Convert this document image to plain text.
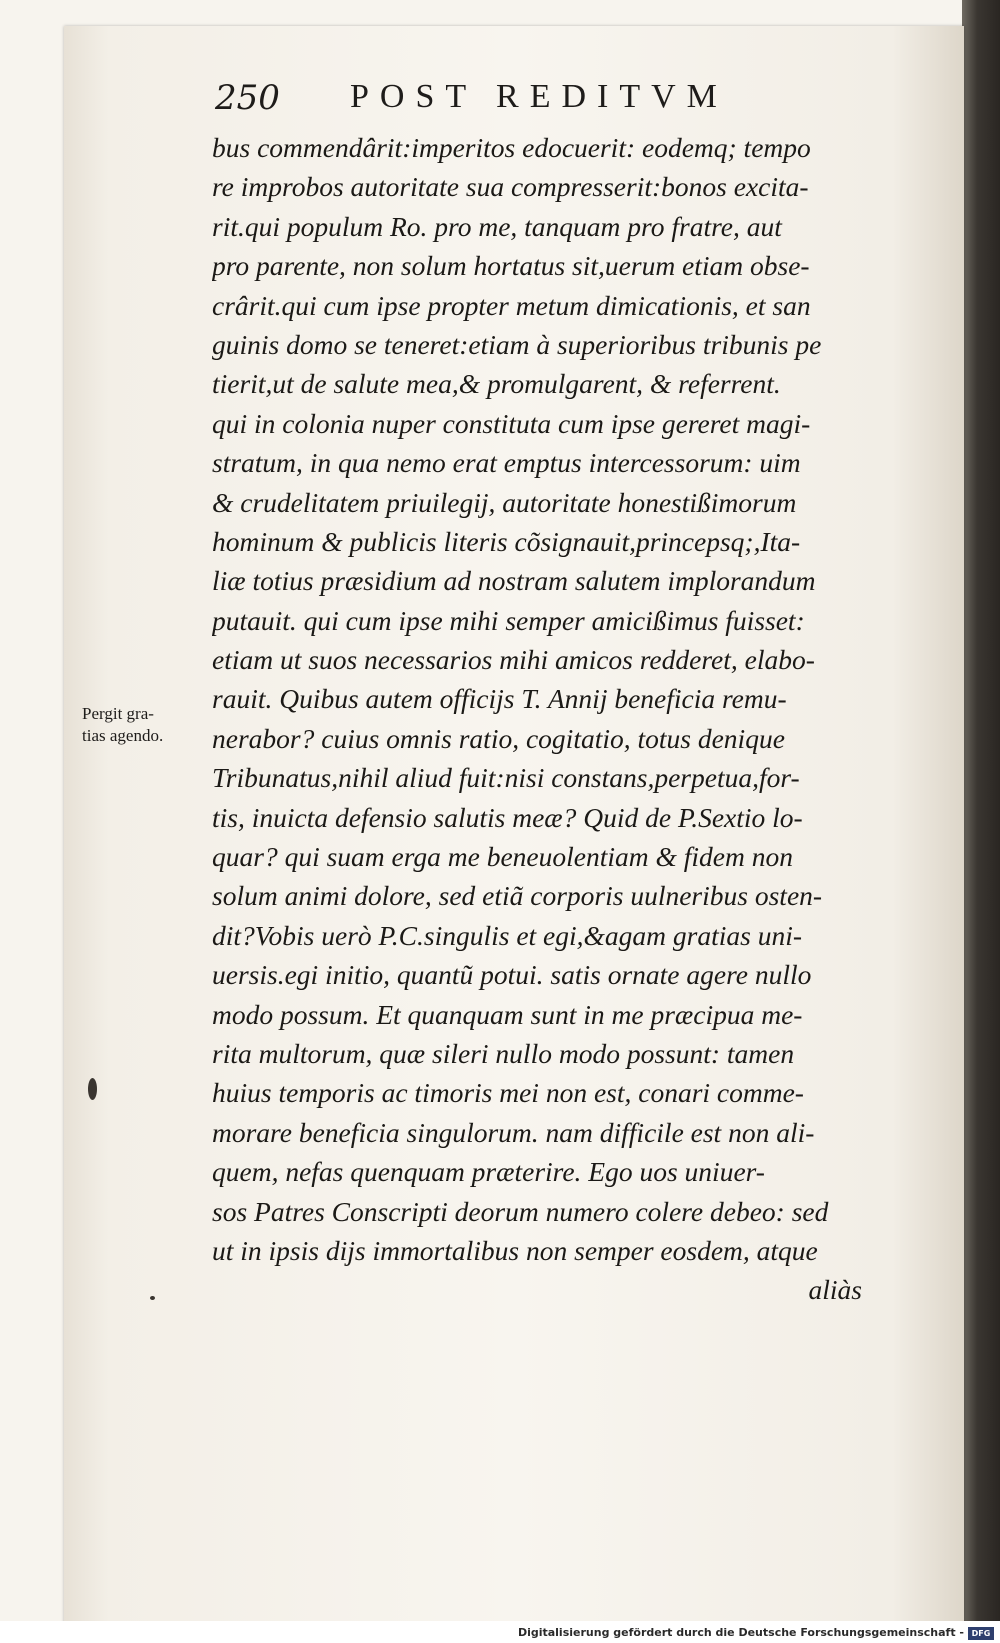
250 POST REDITVM
Pergit gra-
tias agendo.
bus commendârit:imperitos edocuerit: eodemq; tempo
re improbos autoritate sua compresserit:bonos excita-
rit.qui populum Ro. pro me, tanquam pro fratre, aut
pro parente, non solum hortatus sit,uerum etiam obse-
crârit.qui cum ipse propter metum dimicationis, et san
guinis domo se teneret:etiam à superioribus tribunis pe
tierit,ut de salute mea,& promulgarent, & referrent.
qui in colonia nuper constituta cum ipse gereret magi-
stratum, in qua nemo erat emptus intercessorum: uim
& crudelitatem priuilegij, autoritate honestißimorum
hominum & publicis literis cõsignauit,princepsq;,Ita-
liæ totius præsidium ad nostram salutem implorandum
putauit. qui cum ipse mihi semper amicißimus fuisset:
etiam ut suos necessarios mihi amicos redderet, elabo-
rauit. Quibus autem officijs T. Annij beneficia remu-
nerabor? cuius omnis ratio, cogitatio, totus denique
Tribunatus,nihil aliud fuit:nisi constans,perpetua,for-
tis, inuicta defensio salutis meæ? Quid de P.Sextio lo-
quar? qui suam erga me beneuolentiam & fidem non
solum animi dolore, sed etiã corporis uulneribus osten-
dit?Vobis uerò P.C.singulis et egi,&agam gratias uni-
uersis.egi initio, quantũ potui. satis ornate agere nullo
modo possum. Et quanquam sunt in me præcipua me-
rita multorum, quæ sileri nullo modo possunt: tamen
huius temporis ac timoris mei non est, conari comme-
morare beneficia singulorum. nam difficile est non ali-
quem, nefas quenquam præterire. Ego uos uniuer-
sos Patres Conscripti deorum numero colere debeo: sed
ut in ipsis dijs immortalibus non semper eosdem, atque
aliàs
Digitalisierung gefördert durch die Deutsche Forschungsgemeinschaft - DFG
